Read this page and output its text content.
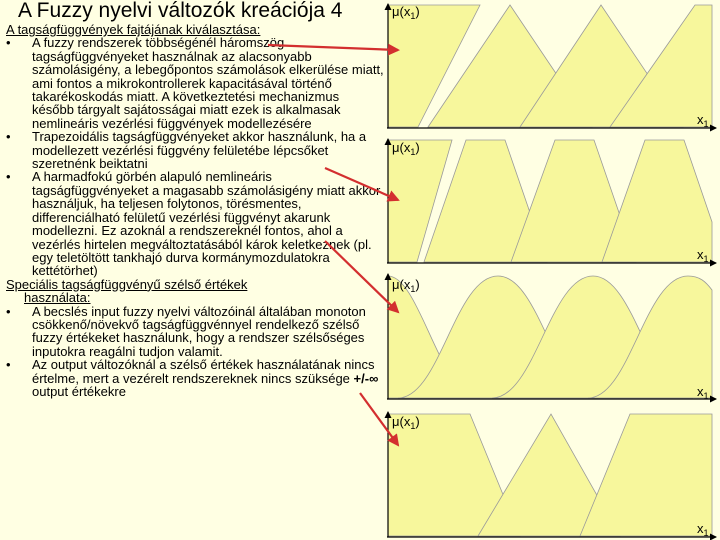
A Fuzzy nyelvi változók kreációja 4

A tagságfüggvények fajtájának kiválasztása:

• A fuzzy rendszerek többségénél háromszög tagságfüggvényeket használnak az alacsonyabb számolásigény, a lebegőpontos számolások elkerülése miatt, ami fontos a mikrokontrollerek kapacitásával történő takarékoskodás miatt. A következtetési mechanizmus később tárgyalt sajátosságai miatt ezek is alkalmasak nemlineáris vezérlési függvények modellezésére

• Trapezoidális tagságfüggvényeket akkor használunk, ha a modellezett vezérlési függvény felületébe lépcsőket szeretnénk beiktatni

• A harmadfokú görbén alapuló nemlineáris tagságfüggvényeket a magasabb számolásigény miatt akkor használjuk, ha teljesen folytonos, törésmentes, differenciálható felületű vezérlési függvényt akarunk modellezni. Ez azoknál a rendszereknél fontos, ahol a vezérlés hirtelen megváltoztatásából károk keletkeznek (pl. egy teletöltött tankhajó durva kormánymozdulatokra kettétörhet)

Speciális tagságfüggvényű szélső értékek

használata:

• A becslés input fuzzy nyelvi változóinál általában monoton csökkenő/növekvő tagságfüggvénnyel rendelkező szélső fuzzy értékeket használunk, hogy a rendszer szélsőséges inputokra reagálni tudjon valamit.

• Az output változóknál a szélső értékek használatának nincs értelme, mert a vezérelt rendszereknek nincs szüksége +/-∞ output értékekre

$\mu(x_1)$
$x_1$
$\mu(x_1)$
$x_1$
$\mu(x_1)$
$x_1$
$\mu(x_1)$
$x_1$
